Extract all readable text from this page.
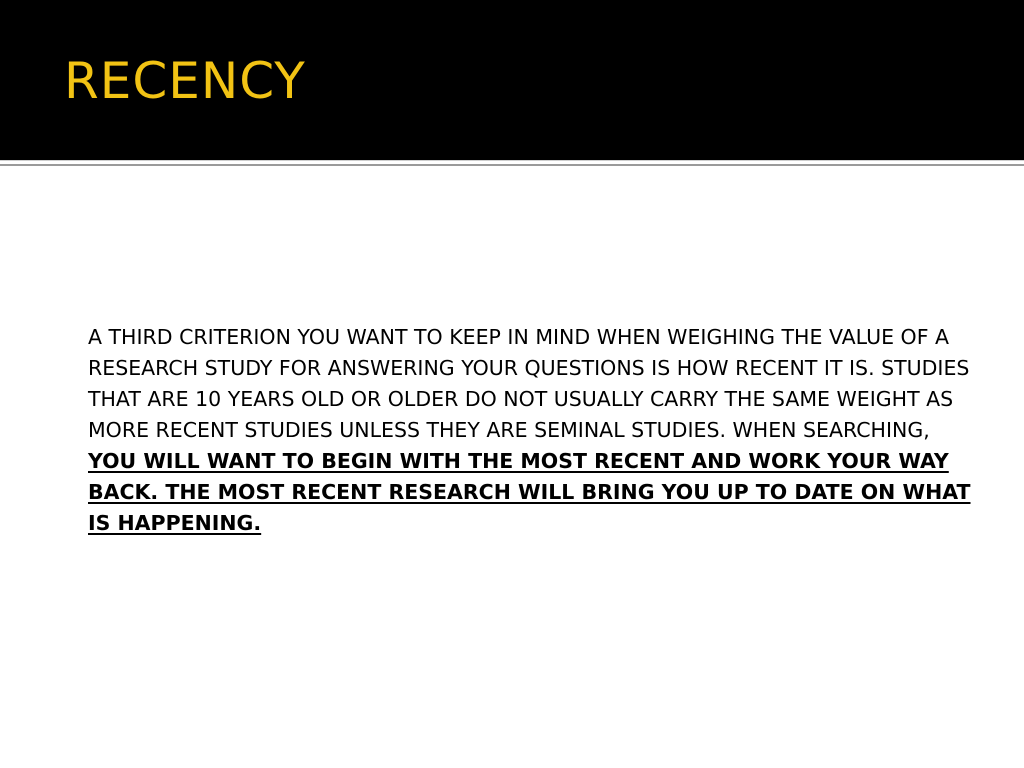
RECENCY

A THIRD CRITERION YOU WANT TO KEEP IN MIND WHEN WEIGHING THE VALUE OF A RESEARCH STUDY FOR ANSWERING YOUR QUESTIONS IS HOW RECENT IT IS. STUDIES THAT ARE 10 YEARS OLD OR OLDER DO NOT USUALLY CARRY THE SAME WEIGHT AS MORE RECENT STUDIES UNLESS THEY ARE SEMINAL STUDIES. WHEN SEARCHING, YOU WILL WANT TO BEGIN WITH THE MOST RECENT AND WORK YOUR WAY BACK. THE MOST RECENT RESEARCH WILL BRING YOU UP TO DATE ON WHAT IS HAPPENING.
